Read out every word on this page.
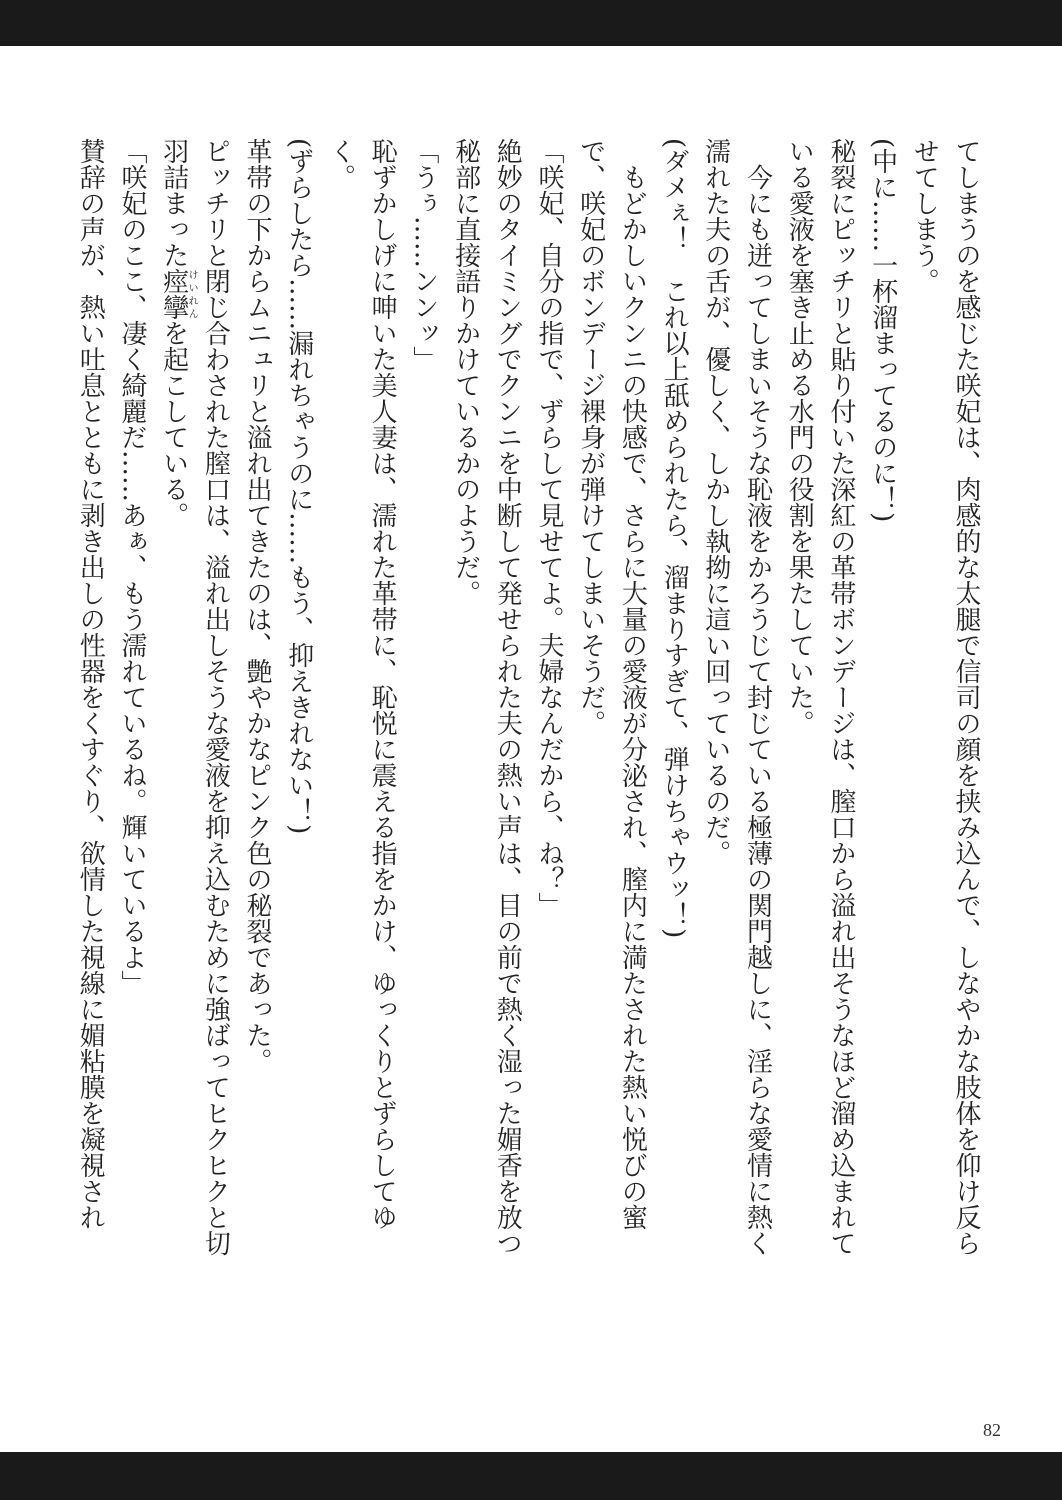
てしまうのを感じた咲妃は、肉感的な太腿で信司の顔を挟み込んで、しなやかな肢体を仰け反らせてしまう。

(中に……一杯溜まってるのに！)

秘裂にピッチリと貼り付いた深紅の革帯ボンデージは、膣口から溢れ出そうなほど溜め込まれている愛液を塞き止める水門の役割を果たしていた。

今にも迸ってしまいそうな恥液をかろうじて封じている極薄の関門越しに、淫らな愛情に熱く濡れた夫の舌が、優しく、しかし執拗に這い回っているのだ。

(ダメぇ！　これ以上舐められたら、溜まりすぎて、弾けちゃウッ！)

もどかしいクンニの快感で、さらに大量の愛液が分泌され、膣内に満たされた熱い悦びの蜜で、咲妃のボンデージ裸身が弾けてしまいそうだ。

「咲妃、自分の指で、ずらして見せてよ。夫婦なんだから、ね？」

絶妙のタイミングでクンニを中断して発せられた夫の熱い声は、目の前で熱く湿った媚香を放つ秘部に直接語りかけているかのようだ。

「うぅ……ンンッ」

恥ずかしげに呻いた美人妻は、濡れた革帯に、恥悦に震える指をかけ、ゆっくりとずらしてゆく。

(ずらしたら……漏れちゃうのに……もう、抑えきれない！)

革帯の下からムニュリと溢れ出てきたのは、艶やかなピンク色の秘裂であった。

ピッチリと閉じ合わされた膣口は、溢れ出しそうな愛液を抑え込むために強ばってヒクヒクと切羽詰まった痙攣けいれんを起こしている。

「咲妃のここ、凄く綺麗だ……あぁ、もう濡れているね。輝いているよ」

賛辞の声が、熱い吐息とともに剥き出しの性器をくすぐり、欲情した視線に媚粘膜を凝視され

82
